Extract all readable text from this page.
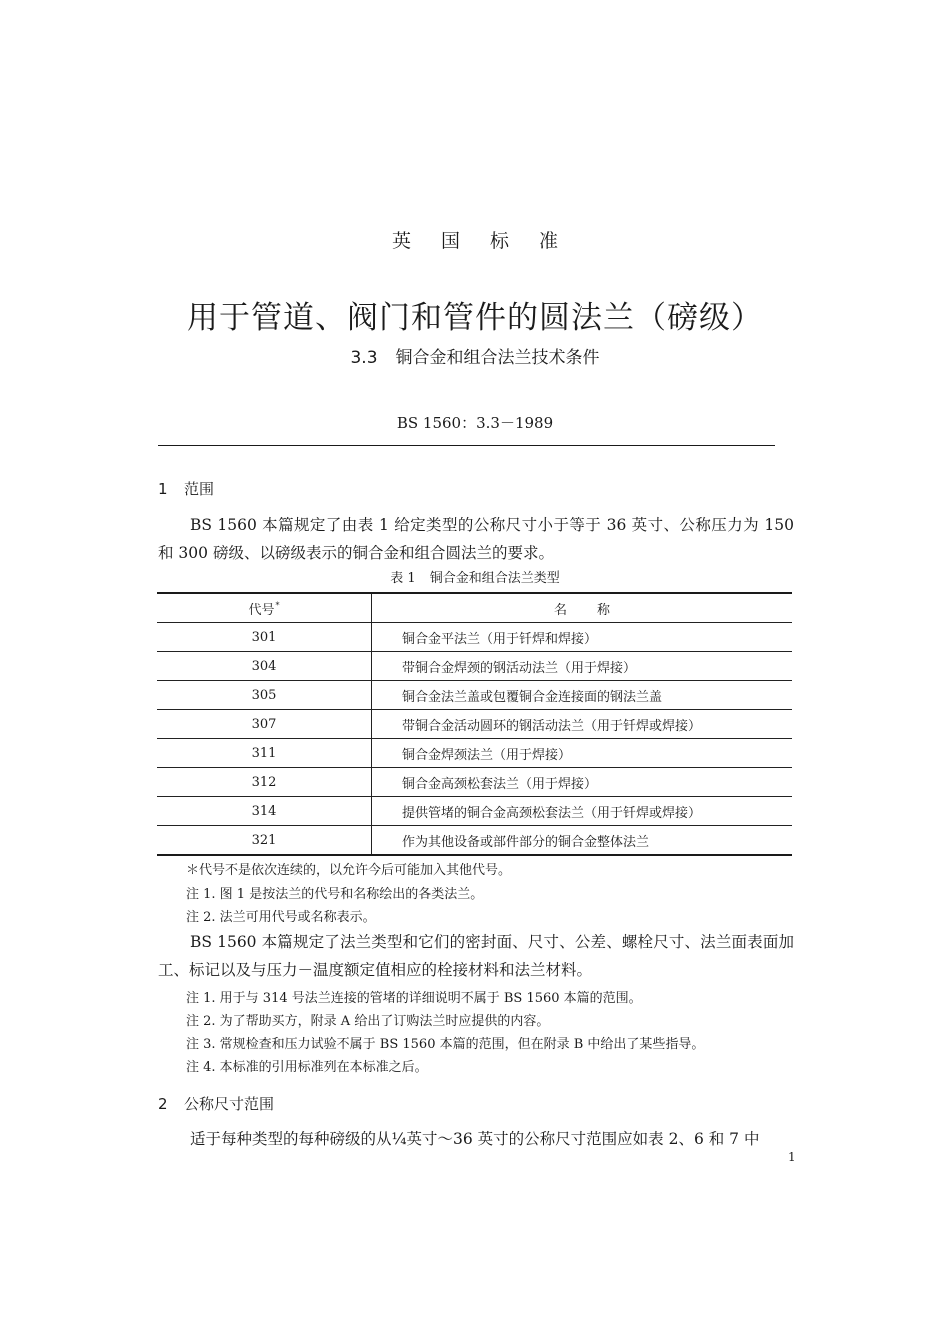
英国标准
用于管道、阀门和管件的圆法兰（磅级）
3.3 铜合金和组合法兰技术条件
BS 1560：3.3－1989
1 范围
BS 1560 本篇规定了由表 1 给定类型的公称尺寸小于等于 36 英寸、公称压力为 150 和 300 磅级、以磅级表示的铜合金和组合圆法兰的要求。
表 1 铜合金和组合法兰类型
代号*	名称
301	铜合金平法兰（用于钎焊和焊接）
304	带铜合金焊颈的钢活动法兰（用于焊接）
305	铜合金法兰盖或包覆铜合金连接面的钢法兰盖
307	带铜合金活动圆环的钢活动法兰（用于钎焊或焊接）
311	铜合金焊颈法兰（用于焊接）
312	铜合金高颈松套法兰（用于焊接）
314	提供管堵的铜合金高颈松套法兰（用于钎焊或焊接）
321	作为其他设备或部件部分的铜合金整体法兰
＊代号不是依次连续的，以允许今后可能加入其他代号。
注 1. 图 1 是按法兰的代号和名称绘出的各类法兰。
注 2. 法兰可用代号或名称表示。
BS 1560 本篇规定了法兰类型和它们的密封面、尺寸、公差、螺栓尺寸、法兰面表面加工、标记以及与压力－温度额定值相应的栓接材料和法兰材料。
注 1. 用于与 314 号法兰连接的管堵的详细说明不属于 BS 1560 本篇的范围。
注 2. 为了帮助买方，附录 A 给出了订购法兰时应提供的内容。
注 3. 常规检查和压力试验不属于 BS 1560 本篇的范围，但在附录 B 中给出了某些指导。
注 4. 本标准的引用标准列在本标准之后。
2 公称尺寸范围
适于每种类型的每种磅级的从¼英寸～36 英寸的公称尺寸范围应如表 2、6 和 7 中
1
